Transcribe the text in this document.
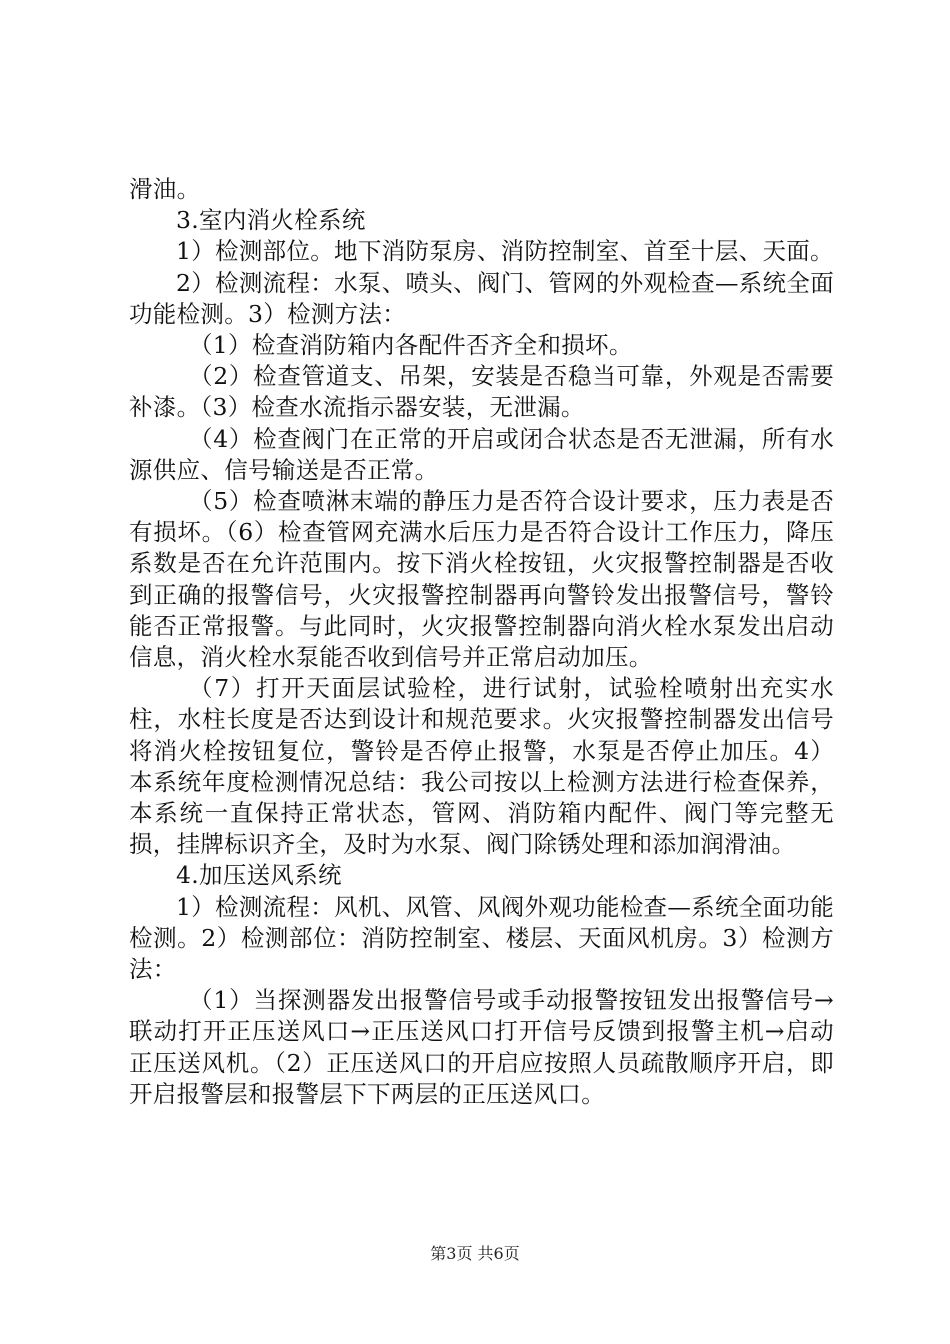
滑油。

3.室内消火栓系统

1）检测部位。地下消防泵房、消防控制室、首至十层、天面。

2）检测流程：水泵、喷头、阀门、管网的外观检查—系统全面功能检测。3）检测方法：

（1）检查消防箱内各配件否齐全和损坏。

（2）检查管道支、吊架，安装是否稳当可靠，外观是否需要补漆。（3）检查水流指示器安装，无泄漏。

（4）检查阀门在正常的开启或闭合状态是否无泄漏，所有水源供应、信号输送是否正常。

（5）检查喷淋末端的静压力是否符合设计要求，压力表是否有损坏。（6）检查管网充满水后压力是否符合设计工作压力，降压系数是否在允许范围内。按下消火栓按钮，火灾报警控制器是否收到正确的报警信号，火灾报警控制器再向警铃发出报警信号，警铃能否正常报警。与此同时，火灾报警控制器向消火栓水泵发出启动信息，消火栓水泵能否收到信号并正常启动加压。

（7）打开天面层试验栓，进行试射，试验栓喷射出充实水柱，水柱长度是否达到设计和规范要求。火灾报警控制器发出信号将消火栓按钮复位，警铃是否停止报警，水泵是否停止加压。4）本系统年度检测情况总结：我公司按以上检测方法进行检查保养，本系统一直保持正常状态，管网、消防箱内配件、阀门等完整无损，挂牌标识齐全，及时为水泵、阀门除锈处理和添加润滑油。

4.加压送风系统

1）检测流程：风机、风管、风阀外观功能检查—系统全面功能检测。2）检测部位：消防控制室、楼层、天面风机房。3）检测方法：

（1）当探测器发出报警信号或手动报警按钮发出报警信号→联动打开正压送风口→正压送风口打开信号反馈到报警主机→启动正压送风机。（2）正压送风口的开启应按照人员疏散顺序开启，即开启报警层和报警层下下两层的正压送风口。

第3页 共6页
